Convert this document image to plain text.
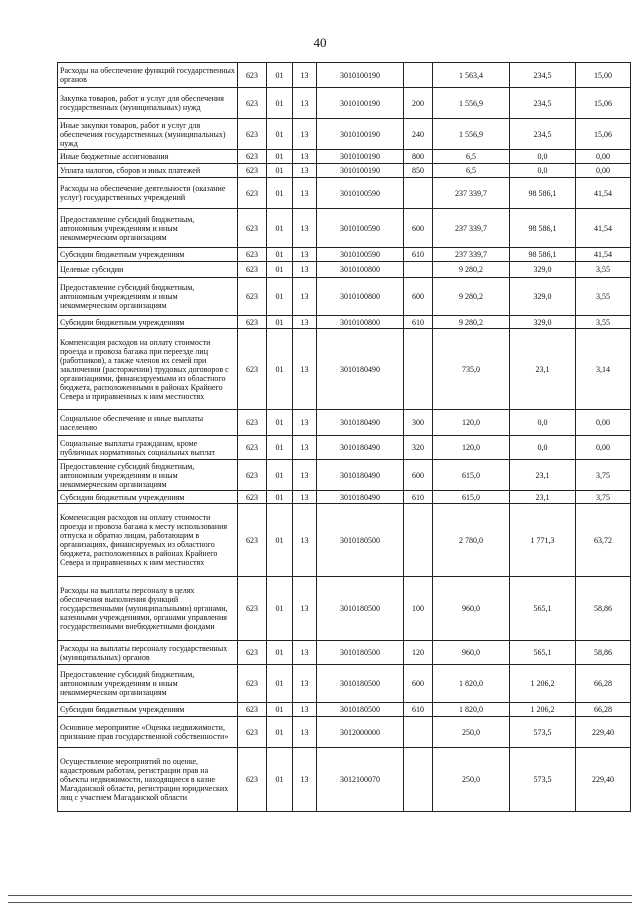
40
Расходы на обеспечение функций государственных органов	623	01	13	3010100190		1 563,4	234,5	15,00
Закупка товаров, работ и услуг для обеспечения государственных (муниципальных) нужд	623	01	13	3010100190	200	1 556,9	234,5	15,06
Иные закупки товаров, работ и услуг для обеспечения государственных (муниципальных) нужд	623	01	13	3010100190	240	1 556,9	234,5	15,06
Иные бюджетные ассигнования	623	01	13	3010100190	800	6,5	0,0	0,00
Уплата налогов, сборов и иных платежей	623	01	13	3010100190	850	6,5	0,0	0,00
Расходы на обеспечение деятельности (оказание услуг) государственных учреждений	623	01	13	3010100590		237 339,7	98 586,1	41,54
Предоставление субсидий бюджетным, автономным учреждениям и иным некоммерческим организациям	623	01	13	3010100590	600	237 339,7	98 586,1	41,54
Субсидии бюджетным учреждениям	623	01	13	3010100590	610	237 339,7	98 586,1	41,54
Целевые субсидии	623	01	13	3010100800		9 280,2	329,0	3,55
Предоставление субсидий бюджетным, автономным учреждениям и иным некоммерческим организациям	623	01	13	3010100800	600	9 280,2	329,0	3,55
Субсидии бюджетным учреждениям	623	01	13	3010100800	610	9 280,2	329,0	3,55
Компенсация расходов на оплату стоимости проезда и провоза багажа при переезде лиц (работников), а также членов их семей при заключении (расторжении) трудовых договоров с организациями, финансируемыми из областного бюджета, расположенными в районах Крайнего Севера и приравненных к ним местностях	623	01	13	3010180490		735,0	23,1	3,14
Социальное обеспечение и иные выплаты населению	623	01	13	3010180490	300	120,0	0,0	0,00
Социальные выплаты гражданам, кроме публичных нормативных социальных выплат	623	01	13	3010180490	320	120,0	0,0	0,00
Предоставление субсидий бюджетным, автономным учреждениям и иным некоммерческим организациям	623	01	13	3010180490	600	615,0	23,1	3,75
Субсидии бюджетным учреждениям	623	01	13	3010180490	610	615,0	23,1	3,75
Компенсация расходов на оплату стоимости проезда и провоза багажа к месту использования отпуска и обратно лицам, работающим в организациях, финансируемых из областного бюджета, расположенных в районах Крайнего Севера и приравненных к ним местностях	623	01	13	3010180500		2 780,0	1 771,3	63,72
Расходы на выплаты персоналу в целях обеспечения выполнения функций государственными (муниципальными) органами, казенными учреждениями, органами управления государственными внебюджетными фондами	623	01	13	3010180500	100	960,0	565,1	58,86
Расходы на выплаты персоналу государственных (муниципальных) органов	623	01	13	3010180500	120	960,0	565,1	58,86
Предоставление субсидий бюджетным, автономным учреждениям и иным некоммерческим организациям	623	01	13	3010180500	600	1 820,0	1 206,2	66,28
Субсидии бюджетным учреждениям	623	01	13	3010180500	610	1 820,0	1 206,2	66,28
Основное мероприятие «Оценка недвижимости, признание прав государственной собственности»	623	01	13	3012000000		250,0	573,5	229,40
Осуществление мероприятий по оценке, кадастровым работам, регистрации прав на объекты недвижимости, находящиеся в казне Магаданской области, регистрации юридических лиц с участием Магаданской области	623	01	13	3012100070		250,0	573,5	229,40
